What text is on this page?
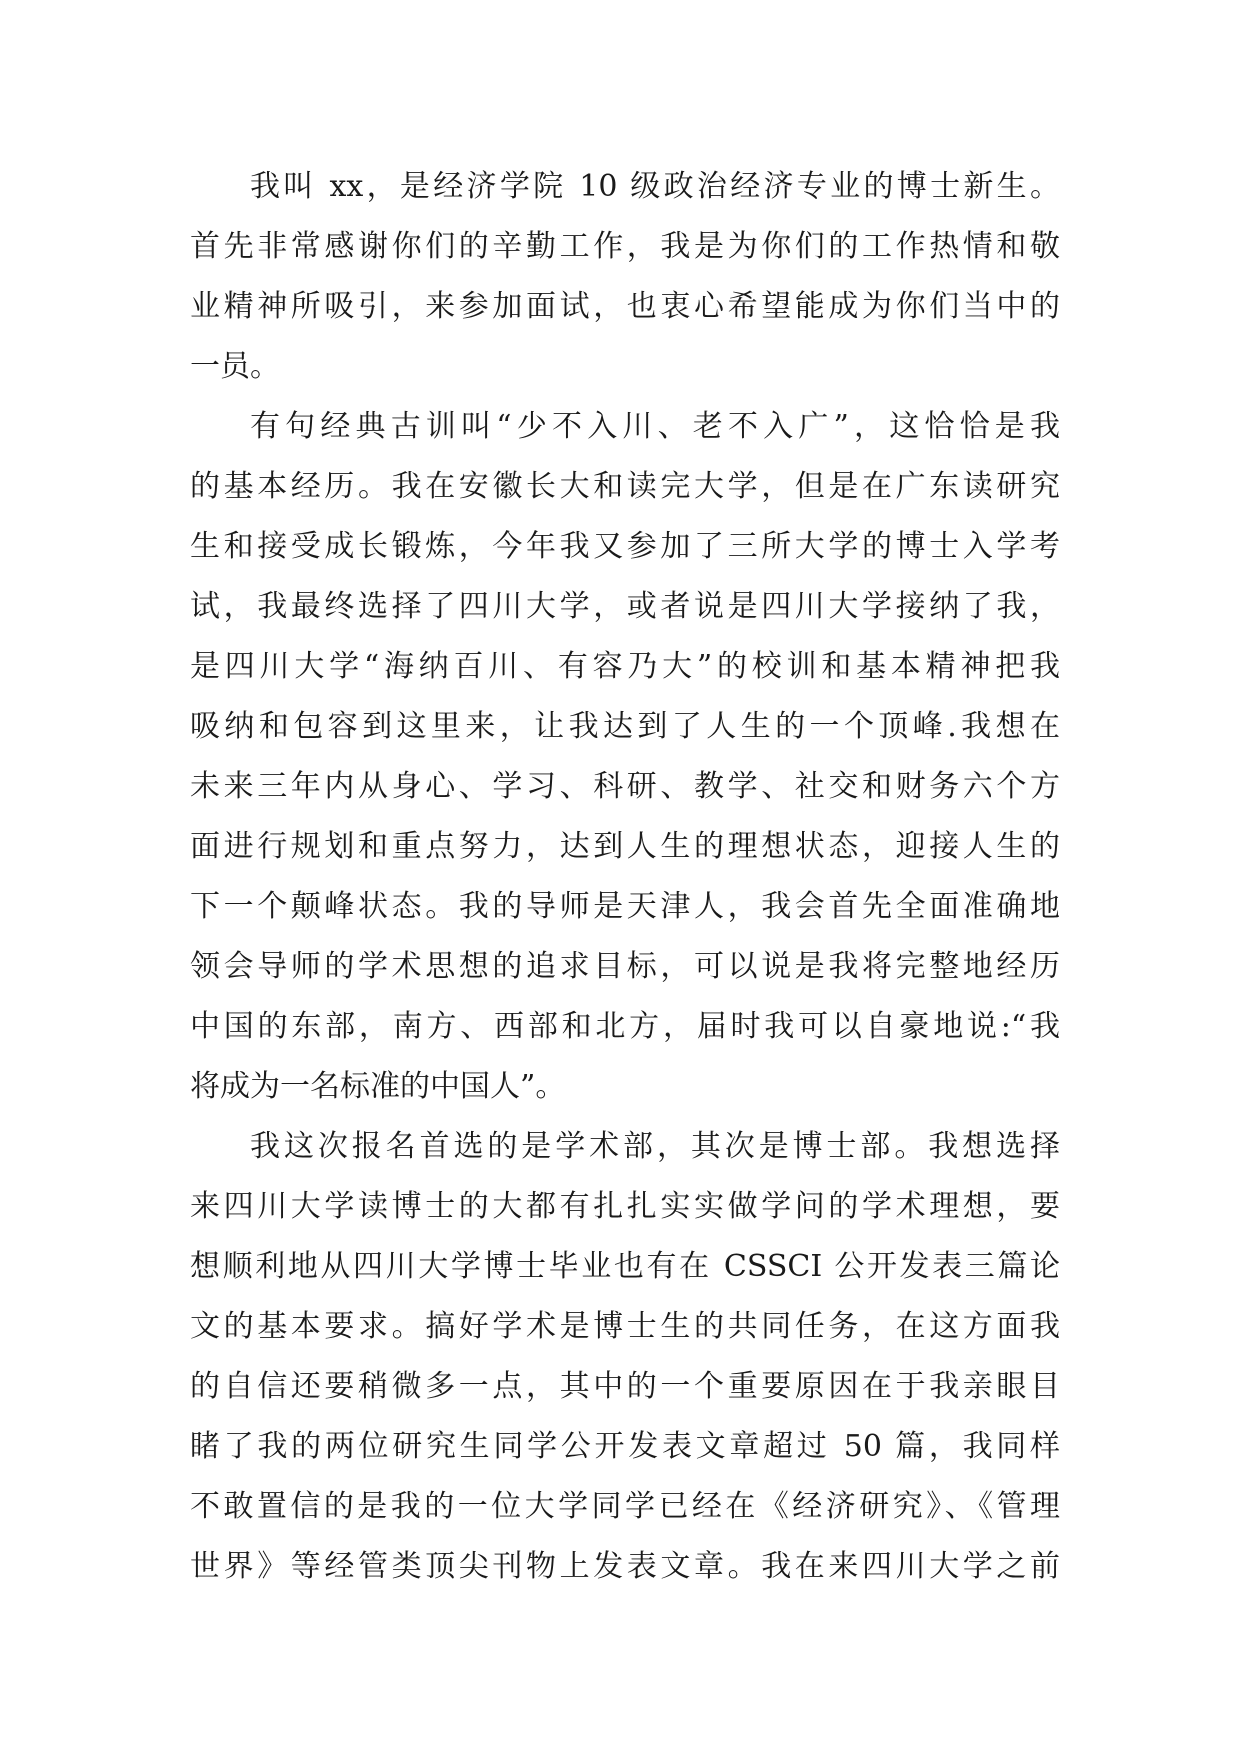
我叫 xx，是经济学院 10 级政治经济专业的博士新生。
首先非常感谢你们的辛勤工作，我是为你们的工作热情和敬
业精神所吸引，来参加面试，也衷心希望能成为你们当中的
一员。
有句经典古训叫“少不入川、老不入广”，这恰恰是我
的基本经历。我在安徽长大和读完大学，但是在广东读研究
生和接受成长锻炼，今年我又参加了三所大学的博士入学考
试，我最终选择了四川大学，或者说是四川大学接纳了我，
是四川大学“海纳百川、有容乃大”的校训和基本精神把我
吸纳和包容到这里来，让我达到了人生的一个顶峰.我想在
未来三年内从身心、学习、科研、教学、社交和财务六个方
面进行规划和重点努力，达到人生的理想状态，迎接人生的
下一个颠峰状态。我的导师是天津人，我会首先全面准确地
领会导师的学术思想的追求目标，可以说是我将完整地经历
中国的东部，南方、西部和北方，届时我可以自豪地说:“我
将成为一名标准的中国人”。
我这次报名首选的是学术部，其次是博士部。我想选择
来四川大学读博士的大都有扎扎实实做学问的学术理想，要
想顺利地从四川大学博士毕业也有在 CSSCI 公开发表三篇论
文的基本要求。搞好学术是博士生的共同任务，在这方面我
的自信还要稍微多一点，其中的一个重要原因在于我亲眼目
睹了我的两位研究生同学公开发表文章超过 50 篇，我同样
不敢置信的是我的一位大学同学已经在《经济研究》、《管理
世界》等经管类顶尖刊物上发表文章。我在来四川大学之前
